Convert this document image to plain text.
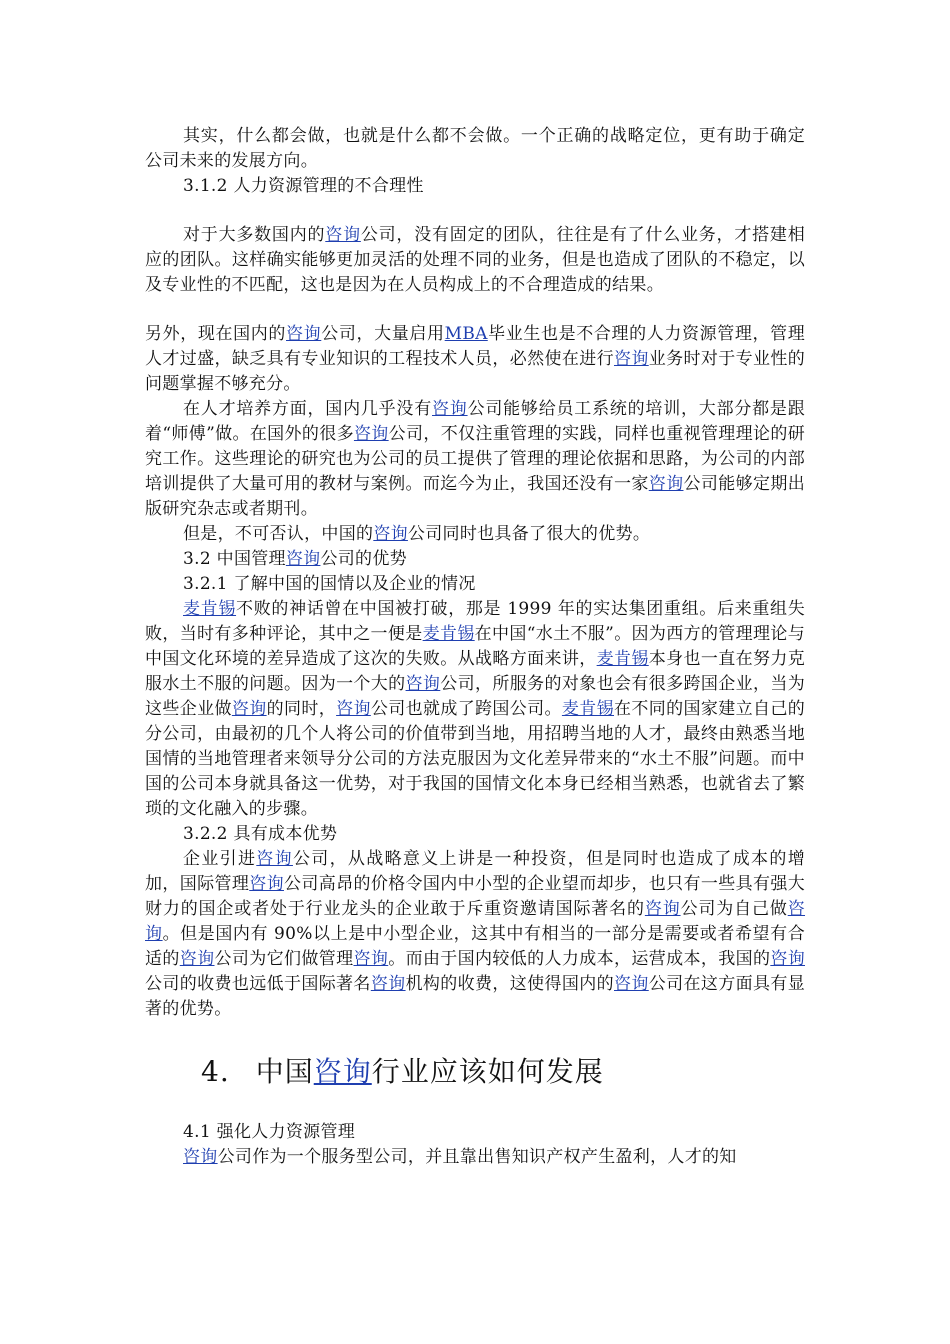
其实，什么都会做，也就是什么都不会做。一个正确的战略定位，更有助于确定公司未来的发展方向。

3.1.2 人力资源管理的不合理性

对于大多数国内的咨询公司，没有固定的团队，往往是有了什么业务，才搭建相应的团队。这样确实能够更加灵活的处理不同的业务，但是也造成了团队的不稳定，以及专业性的不匹配，这也是因为在人员构成上的不合理造成的结果。

另外，现在国内的咨询公司，大量启用MBA毕业生也是不合理的人力资源管理，管理人才过盛，缺乏具有专业知识的工程技术人员，必然使在进行咨询业务时对于专业性的问题掌握不够充分。

在人才培养方面，国内几乎没有咨询公司能够给员工系统的培训，大部分都是跟着“师傅”做。在国外的很多咨询公司，不仅注重管理的实践，同样也重视管理理论的研究工作。这些理论的研究也为公司的员工提供了管理的理论依据和思路，为公司的内部培训提供了大量可用的教材与案例。而迄今为止，我国还没有一家咨询公司能够定期出版研究杂志或者期刊。

但是，不可否认，中国的咨询公司同时也具备了很大的优势。

3.2 中国管理咨询公司的优势

3.2.1 了解中国的国情以及企业的情况

麦肯锡不败的神话曾在中国被打破，那是 1999 年的实达集团重组。后来重组失败，当时有多种评论，其中之一便是麦肯锡在中国“水土不服”。因为西方的管理理论与中国文化环境的差异造成了这次的失败。从战略方面来讲，麦肯锡本身也一直在努力克服水土不服的问题。因为一个大的咨询公司，所服务的对象也会有很多跨国企业，当为这些企业做咨询的同时，咨询公司也就成了跨国公司。麦肯锡在不同的国家建立自己的分公司，由最初的几个人将公司的价值带到当地，用招聘当地的人才，最终由熟悉当地国情的当地管理者来领导分公司的方法克服因为文化差异带来的“水土不服”问题。而中国的公司本身就具备这一优势，对于我国的国情文化本身已经相当熟悉，也就省去了繁琐的文化融入的步骤。

3.2.2 具有成本优势

企业引进咨询公司，从战略意义上讲是一种投资，但是同时也造成了成本的增加，国际管理咨询公司高昂的价格令国内中小型的企业望而却步，也只有一些具有强大财力的国企或者处于行业龙头的企业敢于斥重资邀请国际著名的咨询公司为自己做咨询。但是国内有 90%以上是中小型企业，这其中有相当的一部分是需要或者希望有合适的咨询公司为它们做管理咨询。而由于国内较低的人力成本，运营成本，我国的咨询公司的收费也远低于国际著名咨询机构的收费，这使得国内的咨询公司在这方面具有显著的优势。

4. 中国咨询行业应该如何发展

4.1 强化人力资源管理

咨询公司作为一个服务型公司，并且靠出售知识产权产生盈利，人才的知
